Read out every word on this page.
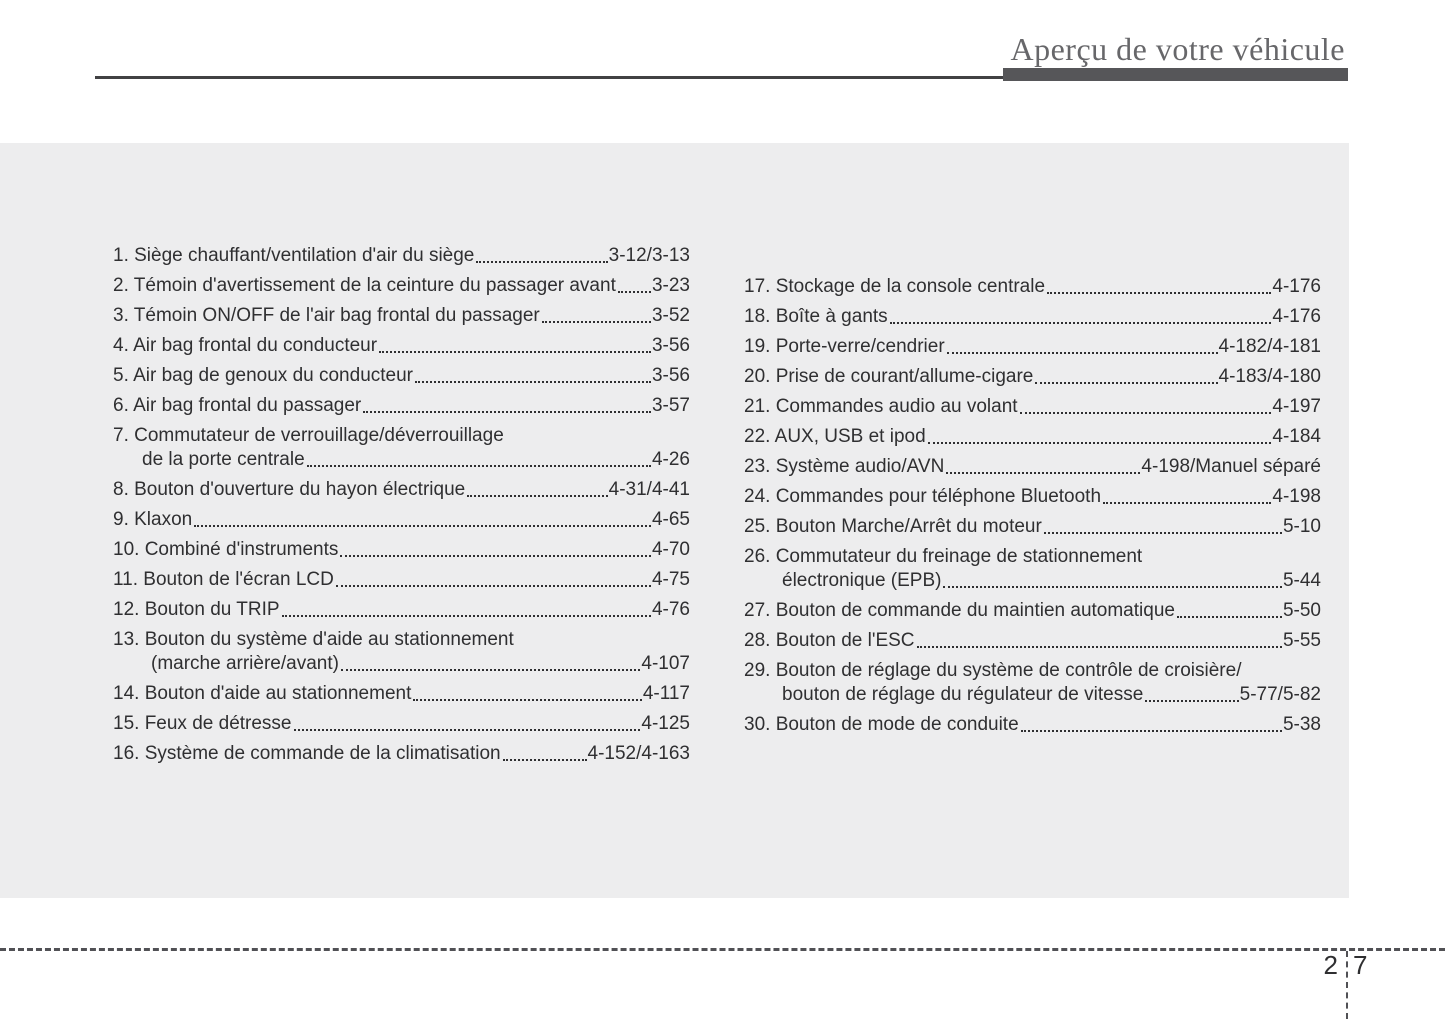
Aperçu de votre véhicule
1. Siège chauffant/ventilation d'air du siège	3-12/3-13
2. Témoin d'avertissement de la ceinture du passager avant 3-23
3. Témoin ON/OFF de l'air bag frontal du passager	3-52
4. Air bag frontal du conducteur	3-56
5. Air bag de genoux du conducteur	3-56
6. Air bag frontal du passager	3-57
7. Commutateur de verrouillage/déverrouillage
de la porte centrale	4-26
8. Bouton d'ouverture du hayon électrique	4-31/4-41
9. Klaxon	4-65
10. Combiné d'instruments	4-70
11. Bouton de l'écran LCD	4-75
12. Bouton du TRIP	4-76
13. Bouton du système d'aide au stationnement
(marche arrière/avant)	4-107
14. Bouton d'aide au stationnement	4-117
15. Feux de détresse	4-125
16. Système de commande de la climatisation	4-152/4-163
17. Stockage de la console centrale	4-176
18. Boîte à gants	4-176
19. Porte-verre/cendrier	4-182/4-181
20. Prise de courant/allume-cigare	4-183/4-180
21. Commandes audio au volant	4-197
22. AUX, USB et ipod	4-184
23. Système audio/AVN	4-198/Manuel séparé
24. Commandes pour téléphone Bluetooth	4-198
25. Bouton Marche/Arrêt du moteur	5-10
26. Commutateur du freinage de stationnement
électronique (EPB)	5-44
27. Bouton de commande du maintien automatique	5-50
28. Bouton de l'ESC	5-55
29. Bouton de réglage du système de contrôle de croisière/
bouton de réglage du régulateur de vitesse	5-77/5-82
30. Bouton de mode de conduite	5-38
2 7
